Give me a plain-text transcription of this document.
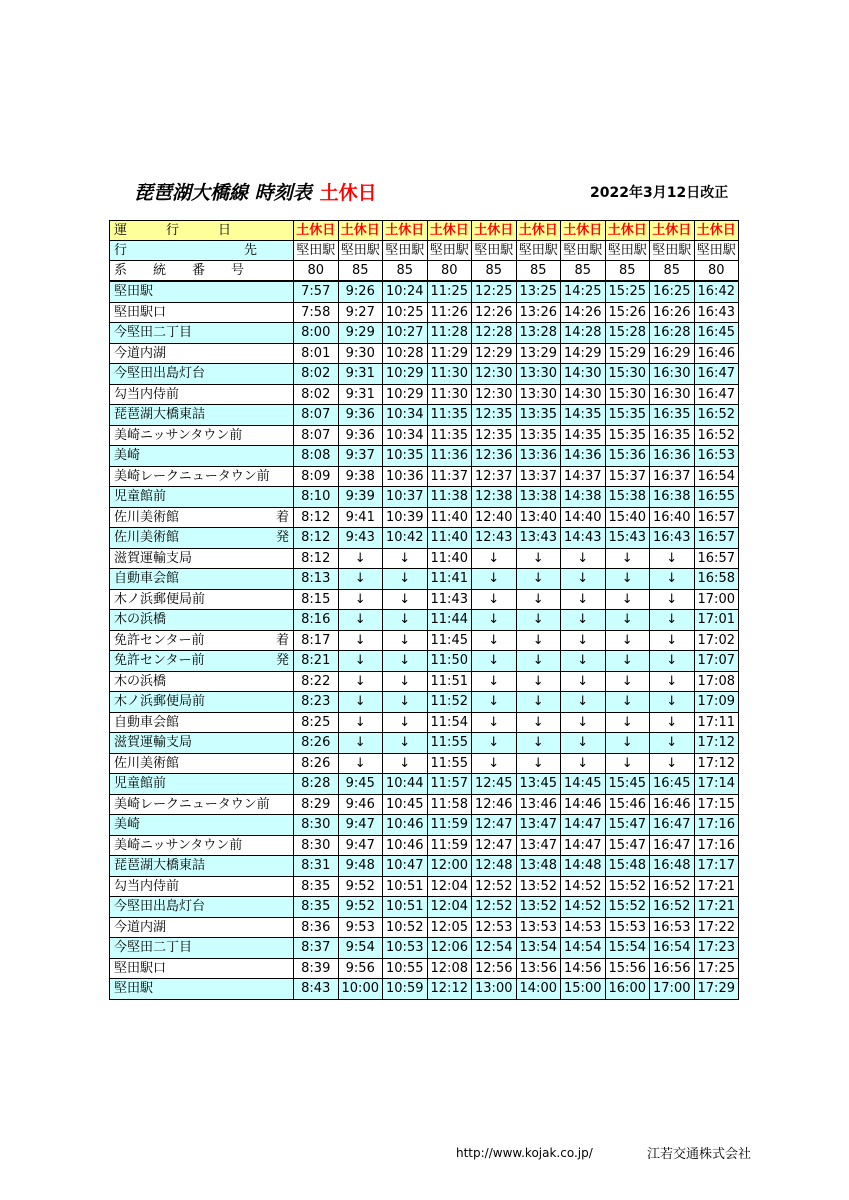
琵琶湖大橋線 時刻表 土休日	2022年3月12日改正
運　　　行　　　日	土休日	土休日	土休日	土休日	土休日	土休日	土休日	土休日	土休日	土休日
行　　　　　　　　　先	堅田駅	堅田駅	堅田駅	堅田駅	堅田駅	堅田駅	堅田駅	堅田駅	堅田駅	堅田駅
系　　統　　番　　号	80	85	85	80	85	85	85	85	85	80
堅田駅	7:57	9:26	10:24	11:25	12:25	13:25	14:25	15:25	16:25	16:42
堅田駅口	7:58	9:27	10:25	11:26	12:26	13:26	14:26	15:26	16:26	16:43
今堅田二丁目	8:00	9:29	10:27	11:28	12:28	13:28	14:28	15:28	16:28	16:45
今道内湖	8:01	9:30	10:28	11:29	12:29	13:29	14:29	15:29	16:29	16:46
今堅田出島灯台	8:02	9:31	10:29	11:30	12:30	13:30	14:30	15:30	16:30	16:47
勾当内侍前	8:02	9:31	10:29	11:30	12:30	13:30	14:30	15:30	16:30	16:47
琵琶湖大橋東詰	8:07	9:36	10:34	11:35	12:35	13:35	14:35	15:35	16:35	16:52
美崎ニッサンタウン前	8:07	9:36	10:34	11:35	12:35	13:35	14:35	15:35	16:35	16:52
美崎	8:08	9:37	10:35	11:36	12:36	13:36	14:36	15:36	16:36	16:53
美崎レークニュータウン前	8:09	9:38	10:36	11:37	12:37	13:37	14:37	15:37	16:37	16:54
児童館前	8:10	9:39	10:37	11:38	12:38	13:38	14:38	15:38	16:38	16:55
佐川美術館 着	8:12	9:41	10:39	11:40	12:40	13:40	14:40	15:40	16:40	16:57
佐川美術館 発	8:12	9:43	10:42	11:40	12:43	13:43	14:43	15:43	16:43	16:57
滋賀運輸支局	8:12	↓	↓	11:40	↓	↓	↓	↓	↓	16:57
自動車会館	8:13	↓	↓	11:41	↓	↓	↓	↓	↓	16:58
木ノ浜郵便局前	8:15	↓	↓	11:43	↓	↓	↓	↓	↓	17:00
木の浜橋	8:16	↓	↓	11:44	↓	↓	↓	↓	↓	17:01
免許センター前 着	8:17	↓	↓	11:45	↓	↓	↓	↓	↓	17:02
免許センター前 発	8:21	↓	↓	11:50	↓	↓	↓	↓	↓	17:07
木の浜橋	8:22	↓	↓	11:51	↓	↓	↓	↓	↓	17:08
木ノ浜郵便局前	8:23	↓	↓	11:52	↓	↓	↓	↓	↓	17:09
自動車会館	8:25	↓	↓	11:54	↓	↓	↓	↓	↓	17:11
滋賀運輸支局	8:26	↓	↓	11:55	↓	↓	↓	↓	↓	17:12
佐川美術館	8:26	↓	↓	11:55	↓	↓	↓	↓	↓	17:12
児童館前	8:28	9:45	10:44	11:57	12:45	13:45	14:45	15:45	16:45	17:14
美崎レークニュータウン前	8:29	9:46	10:45	11:58	12:46	13:46	14:46	15:46	16:46	17:15
美崎	8:30	9:47	10:46	11:59	12:47	13:47	14:47	15:47	16:47	17:16
美崎ニッサンタウン前	8:30	9:47	10:46	11:59	12:47	13:47	14:47	15:47	16:47	17:16
琵琶湖大橋東詰	8:31	9:48	10:47	12:00	12:48	13:48	14:48	15:48	16:48	17:17
勾当内侍前	8:35	9:52	10:51	12:04	12:52	13:52	14:52	15:52	16:52	17:21
今堅田出島灯台	8:35	9:52	10:51	12:04	12:52	13:52	14:52	15:52	16:52	17:21
今道内湖	8:36	9:53	10:52	12:05	12:53	13:53	14:53	15:53	16:53	17:22
今堅田二丁目	8:37	9:54	10:53	12:06	12:54	13:54	14:54	15:54	16:54	17:23
堅田駅口	8:39	9:56	10:55	12:08	12:56	13:56	14:56	15:56	16:56	17:25
堅田駅	8:43	10:00	10:59	12:12	13:00	14:00	15:00	16:00	17:00	17:29
http://www.kojak.co.jp/	江若交通株式会社
